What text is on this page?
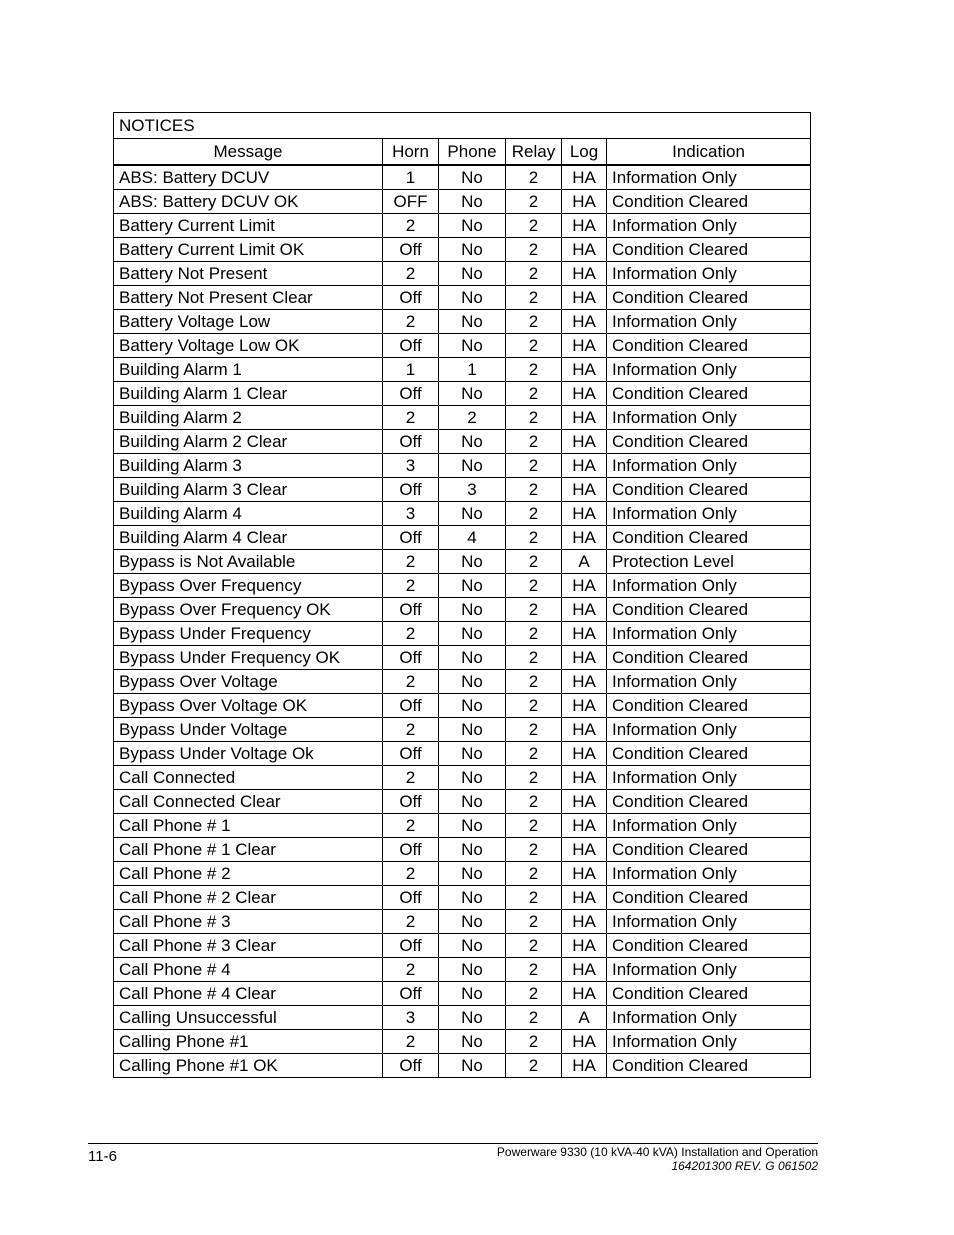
NOTICES					
Message	Horn	Phone	Relay	Log	Indication
ABS: Battery DCUV	1	No	2	HA	Information Only
ABS: Battery DCUV OK	OFF	No	2	HA	Condition Cleared
Battery Current Limit	2	No	2	HA	Information Only
Battery Current Limit OK	Off	No	2	HA	Condition Cleared
Battery Not Present	2	No	2	HA	Information Only
Battery Not Present Clear	Off	No	2	HA	Condition Cleared
Battery Voltage Low	2	No	2	HA	Information Only
Battery Voltage Low OK	Off	No	2	HA	Condition Cleared
Building Alarm 1	1	1	2	HA	Information Only
Building Alarm 1 Clear	Off	No	2	HA	Condition Cleared
Building Alarm 2	2	2	2	HA	Information Only
Building Alarm 2 Clear	Off	No	2	HA	Condition Cleared
Building Alarm 3	3	No	2	HA	Information Only
Building Alarm 3 Clear	Off	3	2	HA	Condition Cleared
Building Alarm 4	3	No	2	HA	Information Only
Building Alarm 4 Clear	Off	4	2	HA	Condition Cleared
Bypass is Not Available	2	No	2	A	Protection Level
Bypass Over Frequency	2	No	2	HA	Information Only
Bypass Over Frequency OK	Off	No	2	HA	Condition Cleared
Bypass Under Frequency	2	No	2	HA	Information Only
Bypass Under Frequency OK	Off	No	2	HA	Condition Cleared
Bypass Over Voltage	2	No	2	HA	Information Only
Bypass Over Voltage OK	Off	No	2	HA	Condition Cleared
Bypass Under Voltage	2	No	2	HA	Information Only
Bypass Under Voltage Ok	Off	No	2	HA	Condition Cleared
Call Connected	2	No	2	HA	Information Only
Call Connected Clear	Off	No	2	HA	Condition Cleared
Call Phone # 1	2	No	2	HA	Information Only
Call Phone # 1 Clear	Off	No	2	HA	Condition Cleared
Call Phone # 2	2	No	2	HA	Information Only
Call Phone # 2 Clear	Off	No	2	HA	Condition Cleared
Call Phone # 3	2	No	2	HA	Information Only
Call Phone # 3 Clear	Off	No	2	HA	Condition Cleared
Call Phone # 4	2	No	2	HA	Information Only
Call Phone # 4 Clear	Off	No	2	HA	Condition Cleared
Calling Unsuccessful	3	No	2	A	Information Only
Calling Phone #1	2	No	2	HA	Information Only
Calling Phone #1 OK	Off	No	2	HA	Condition Cleared
11-6	Powerware 9330 (10 kVA-40 kVA) Installation and Operation
164201300 REV. G 061502
